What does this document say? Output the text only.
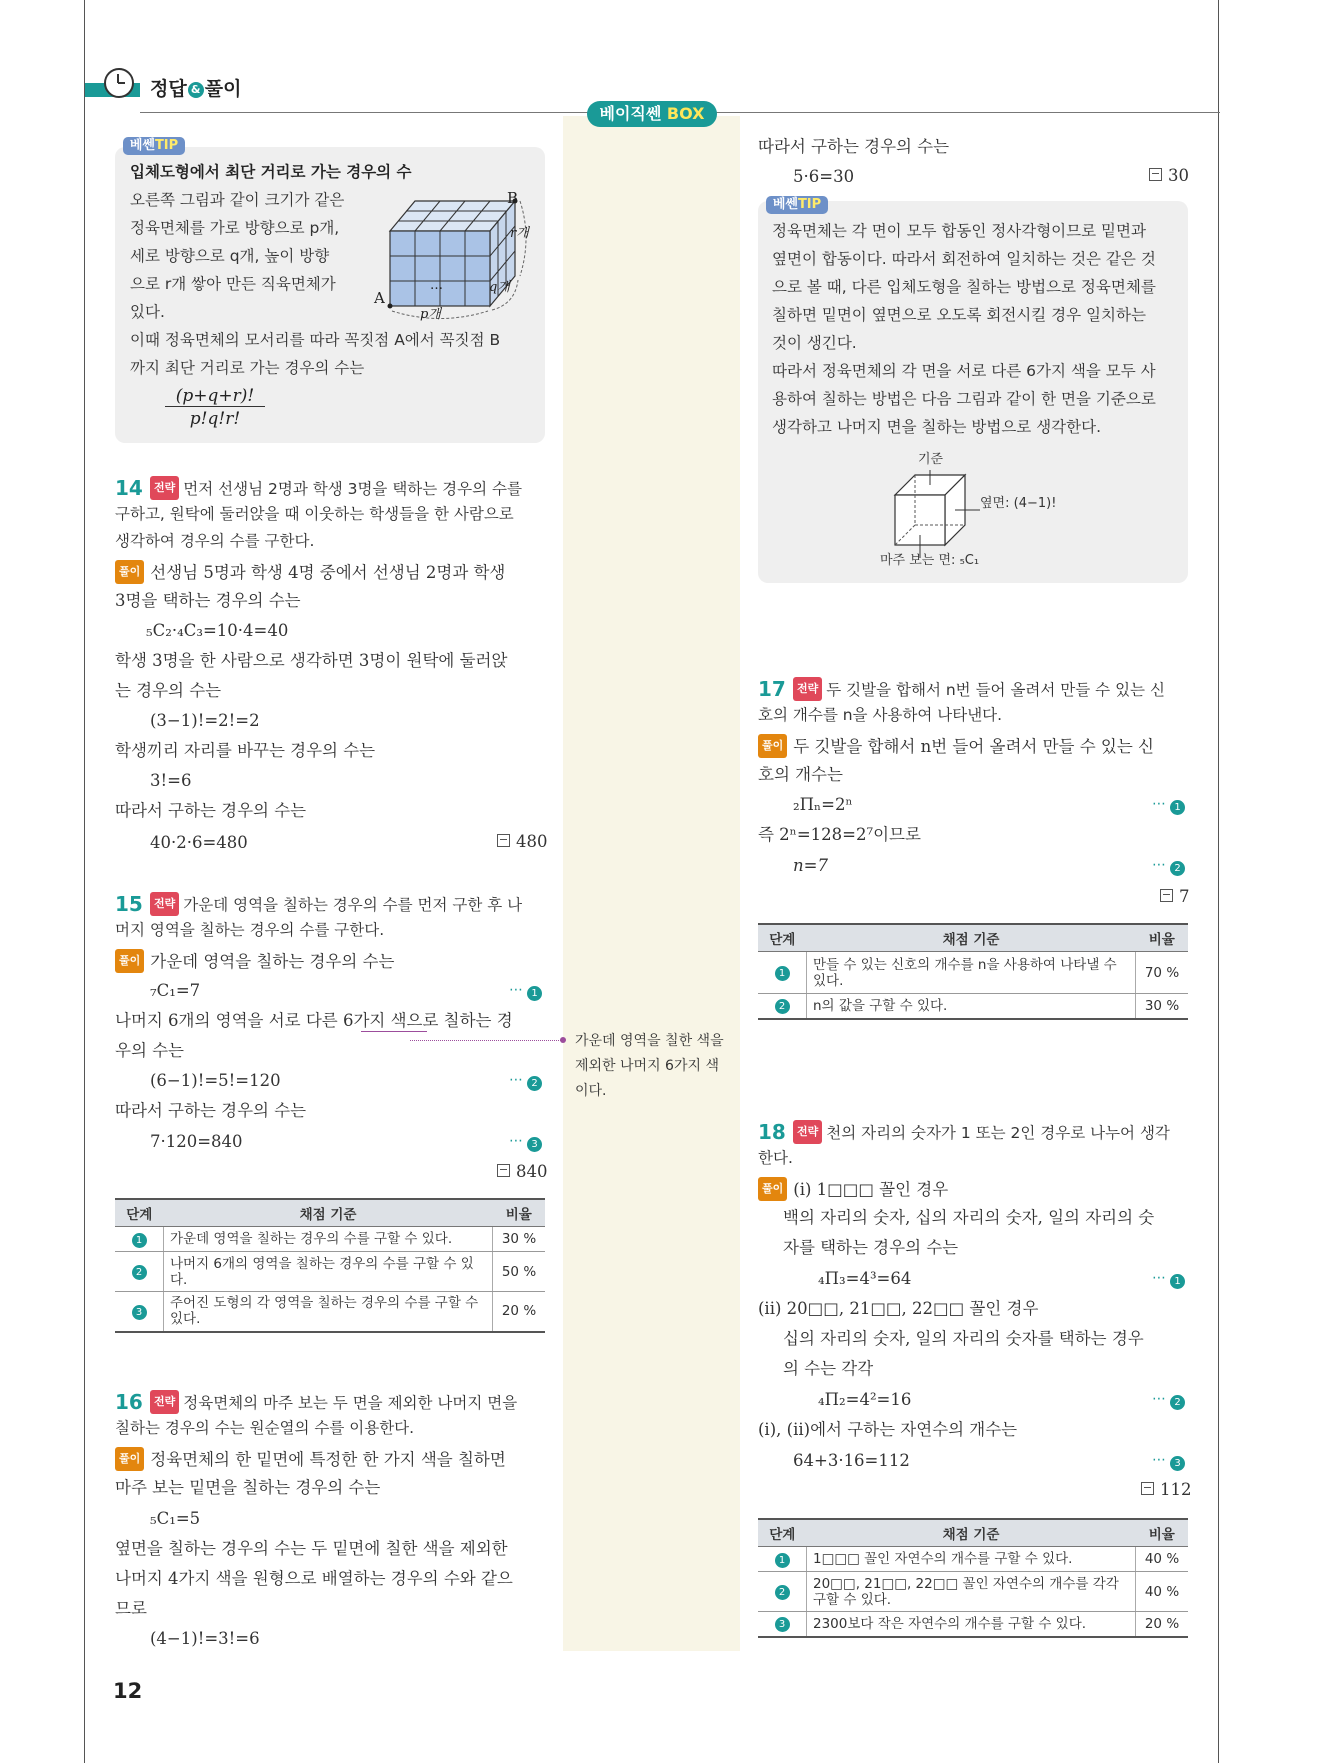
정답 & 풀이
베이직쎈 BOX
베쎈TIP
입체도형에서 최단 거리로 가는 경우의 수
오른쪽 그림과 같이 크기가 같은
정육면체를 가로 방향으로 p개,
세로 방향으로 q개, 높이 방향
으로 r개 쌓아 만든 직육면체가
있다.
이때 정육면체의 모서리를 따라 꼭짓점 A에서 꼭짓점 B
까지 최단 거리로 가는 경우의 수는
(p+q+r)!
p!q!r!
B
A
r개
q개
p개
…
14	전략 먼저 선생님 2명과 학생 3명을 택하는 경우의 수를
구하고, 원탁에 둘러앉을 때 이웃하는 학생들을 한 사람으로
생각하여 경우의 수를 구한다.
풀이 선생님 5명과 학생 4명 중에서 선생님 2명과 학생
3명을 택하는 경우의 수는
₅C₂·₄C₃=10·4=40
학생 3명을 한 사람으로 생각하면 3명이 원탁에 둘러앉
는 경우의 수는
(3−1)!=2!=2
학생끼리 자리를 바꾸는 경우의 수는
3!=6
따라서 구하는 경우의 수는
40·2·6=480	480
15	전략 가운데 영역을 칠하는 경우의 수를 먼저 구한 후 나
머지 영역을 칠하는 경우의 수를 구한다.
풀이 가운데 영역을 칠하는 경우의 수는
₇C₁=7	⋯ 1
나머지 6개의 영역을 서로 다른 6가지 색으로 칠하는 경
우의 수는
(6−1)!=5!=120	⋯ 2
따라서 구하는 경우의 수는
7·120=840	⋯ 3
840
단계	채점 기준	비율
1	가운데 영역을 칠하는 경우의 수를 구할 수 있다.	30 %
2	나머지 6개의 영역을 칠하는 경우의 수를 구할 수 있다.	50 %
3	주어진 도형의 각 영역을 칠하는 경우의 수를 구할 수 있다.	20 %
16	전략 정육면체의 마주 보는 두 면을 제외한 나머지 면을
칠하는 경우의 수는 원순열의 수를 이용한다.
풀이 정육면체의 한 밑면에 특정한 한 가지 색을 칠하면
마주 보는 밑면을 칠하는 경우의 수는
₅C₁=5
옆면을 칠하는 경우의 수는 두 밑면에 칠한 색을 제외한
나머지 4가지 색을 원형으로 배열하는 경우의 수와 같으
므로
(4−1)!=3!=6
가운데 영역을 칠한 색을
제외한 나머지 6가지 색
이다.
따라서 구하는 경우의 수는
5·6=30	30
베쎈TIP
정육면체는 각 면이 모두 합동인 정사각형이므로 밑면과
옆면이 합동이다. 따라서 회전하여 일치하는 것은 같은 것
으로 볼 때, 다른 입체도형을 칠하는 방법으로 정육면체를
칠하면 밑면이 옆면으로 오도록 회전시킬 경우 일치하는
것이 생긴다.
따라서 정육면체의 각 면을 서로 다른 6가지 색을 모두 사
용하여 칠하는 방법은 다음 그림과 같이 한 면을 기준으로
생각하고 나머지 면을 칠하는 방법으로 생각한다.
기준
옆면: (4−1)!
마주 보는 면: ₅C₁
17	전략 두 깃발을 합해서 n번 들어 올려서 만들 수 있는 신
호의 개수를 n을 사용하여 나타낸다.
풀이 두 깃발을 합해서 n번 들어 올려서 만들 수 있는 신
호의 개수는
₂Πₙ=2ⁿ	⋯ 1
즉 2ⁿ=128=2⁷이므로
n=7	⋯ 2
7
단계	채점 기준	비율
1	만들 수 있는 신호의 개수를 n을 사용하여 나타낼 수 있다.	70 %
2	n의 값을 구할 수 있다.	30 %
18	전략 천의 자리의 숫자가 1 또는 2인 경우로 나누어 생각
한다.
풀이 (i) 1□□□ 꼴인 경우
백의 자리의 숫자, 십의 자리의 숫자, 일의 자리의 숫
자를 택하는 경우의 수는
₄Π₃=4³=64	⋯ 1
(ii) 20□□, 21□□, 22□□ 꼴인 경우
십의 자리의 숫자, 일의 자리의 숫자를 택하는 경우
의 수는 각각
₄Π₂=4²=16	⋯ 2
(i), (ii)에서 구하는 자연수의 개수는
64+3·16=112	⋯ 3
112
단계	채점 기준	비율
1	1□□□ 꼴인 자연수의 개수를 구할 수 있다.	40 %
2	20□□, 21□□, 22□□ 꼴인 자연수의 개수를 각각 구할 수 있다.	40 %
3	2300보다 작은 자연수의 개수를 구할 수 있다.	20 %
12
